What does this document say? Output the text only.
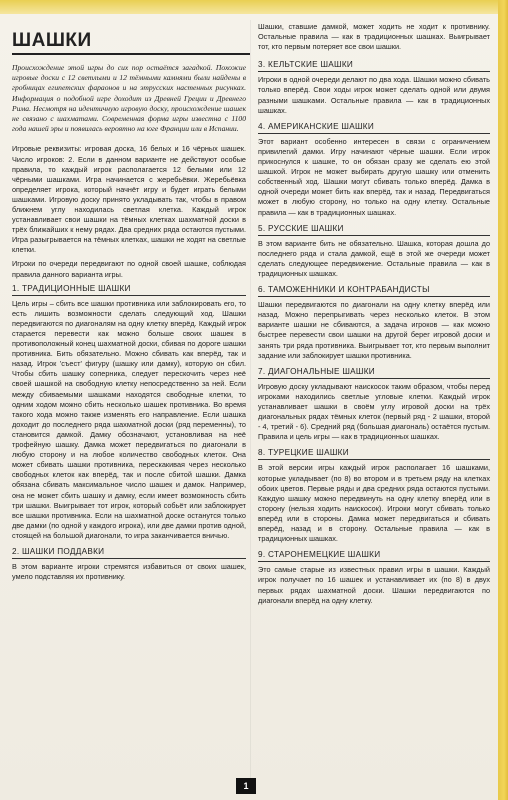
ШАШКИ

Происхождение этой игры до сих пор остаётся загадкой. Похожие игровые доски с 12 светлыми и 12 тёмными камнями были найдены в гробницах египетских фараонов и на этрусских настенных рисунках. Информация о подобной игре доходит из Древней Греции и Древнего Рима. Несмотря на идентичную игровую доску, происхождение шашек не связано с шахматами. Современная форма игры известна с 1100 года нашей эры и появилась вероятно на юге Франции или в Испании.

Игровые реквизиты: игровая доска, 16 белых и 16 чёрных шашек. Число игроков: 2. Если в данном варианте не действуют особые правила, то каждый игрок располагается 12 белыми или 12 чёрными шашками. Игра начинается с жеребьёвки. Жеребьёвка определяет игрока, который начнёт игру и будет играть белыми шашками. Игровую доску принято укладывать так, чтобы в правом ближнем углу находилась светлая клетка. Каждый игрок устанавливает свои шашки на тёмных клетках шахматной доски в трёх ближайших к нему рядах. Два средних ряда остаются пустыми. Игра разыгрывается на тёмных клетках, шашки не ходят на светлые клетки.

Игроки по очереди передвигают по одной своей шашке, соблюдая правила данного варианта игры.

1. ТРАДИЦИОННЫЕ ШАШКИ

Цель игры – сбить все шашки противника или заблокировать его, то есть лишить возможности сделать следующий ход. Шашки передвигаются по диагоналям на одну клетку вперёд. Каждый игрок старается перевести как можно больше своих шашек в противоположный конец шахматной доски, сбивая по дороге шашки противника. Бить обязательно. Можно сбивать как вперёд, так и назад. Игрок 'съест' фигуру (шашку или дамку), которую он сбил. Чтобы сбить шашку соперника, следует перескочить через неё своей шашкой на свободную клетку непосредственно за ней. Если между сбиваемыми шашками находятся свободные клетки, то одним ходом можно сбить несколько шашек противника. Во время такого хода можно также изменять его направление. Если шашка доходит до последнего ряда шахматной доски (ряд переменны), то становится дамкой. Дамку обозначают, установливая на неё трофейную шашку. Дамка может передвигаться по диагонали в любую сторону и на любое количество свободных клеток. Она может сбивать шашки противника, перескакивая через несколько свободных клеток как вперёд, так и после сбитой шашки. Дамка обязана сбивать максимальное число шашек и дамок. Например, она не может сбить шашку и дамку, если имеет возможность сбить три шашки. Выигрывает тот игрок, который собьёт или заблокирует все шашки противника. Если на шахматной доске останутся только две дамки (по одной у каждого игрока), или две дамки против одной, стоящей на большой диагонали, то игра заканчивается вничью.

2. ШАШКИ ПОДДАВКИ

В этом варианте игроки стремятся избавиться от своих шашек, умело подставляя их противнику.

Шашки, ставшие дамкой, может ходить не ходит к противнику. Остальные правила — как в традиционных шашках. Выигрывает тот, кто первым потеряет все свои шашки.

3. КЕЛЬТСКИЕ ШАШКИ

Игроки в одной очереди делают по два хода. Шашки можно сбивать только вперёд. Свои ходы игрок может сделать одной или двумя разными шашками. Остальные правила — как в традиционных шашках.

4. АМЕРИКАНСКИЕ ШАШКИ

Этот вариант особенно интересен в связи с ограничением привилегий дамки. Игру начинают чёрные шашки. Если игрок прикоснулся к шашке, то он обязан сразу же сделать ею этой шашкой. Игрок не может выбирать другую шашку или отменить собственный ход. Шашки могут сбивать только вперёд. Дамка в одной очереди может бить как вперёд, так и назад. Передвигаться может в любую сторону, но только на одну клетку. Остальные правила — как в традиционных шашках.

5. РУССКИЕ ШАШКИ

В этом варианте бить не обязательно. Шашка, которая дошла до последнего ряда и стала дамкой, ещё в этой же очереди может сделать следующее передвижение. Остальные правила — как в традиционных шашках.

6. ТАМОЖЕННИКИ И КОНТРАБАНДИСТЫ

Шашки передвигаются по диагонали на одну клетку вперёд или назад. Можно перепрыгивать через несколько клеток. В этом варианте шашки не сбиваются, а задача игроков — как можно быстрее перевести свои шашки на другой берег игровой доски и занять три ряда противника. Выигрывает тот, кто первым выполнит задание или заблокирует шашки противника.

7. ДИАГОНАЛЬНЫЕ ШАШКИ

Игровую доску укладывают наискосок таким образом, чтобы перед игроками находились светлые угловые клетки. Каждый игрок устанавливает шашки в своём углу игровой доски на трёх диагональных рядах тёмных клеток (первый ряд - 2 шашки, второй - 4, третий - 6). Средний ряд (большая диагональ) остаётся пустым. Правила и цель игры — как в традиционных шашках.

8. ТУРЕЦКИЕ ШАШКИ

В этой версии игры каждый игрок располагает 16 шашками, которые укладывает (по 8) во втором и в третьем ряду на клетках обоих цветов. Первые ряды и два средних ряда остаются пустыми. Каждую шашку можно передвинуть на одну клетку вперёд или в сторону (нельзя ходить наискосок). Игроки могут сбивать только вперёд или в стороны. Дамка может передвигаться и сбивать вперёд, назад и в сторону. Остальные правила — как в традиционных шашках.

9. СТАРОНЕМЕЦКИЕ ШАШКИ

Это самые старые из известных правил игры в шашки. Каждый игрок получает по 16 шашек и устанавливает их (по 8) в двух первых рядах шахматной доски. Шашки передвигаются по диагонали вперёд на одну клетку.

1
